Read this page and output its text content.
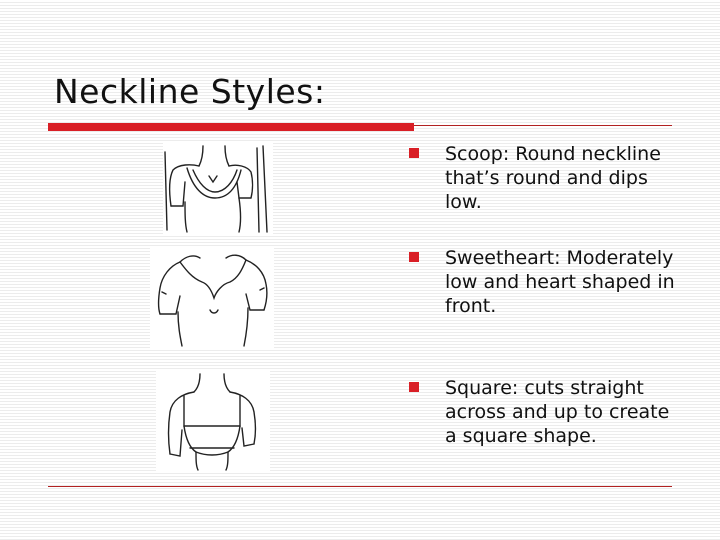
Neckline Styles:
Scoop: Round neckline that’s round and dips low.
Sweetheart: Moderately low and heart shaped in front.
Square: cuts straight across and up to create a square shape.
